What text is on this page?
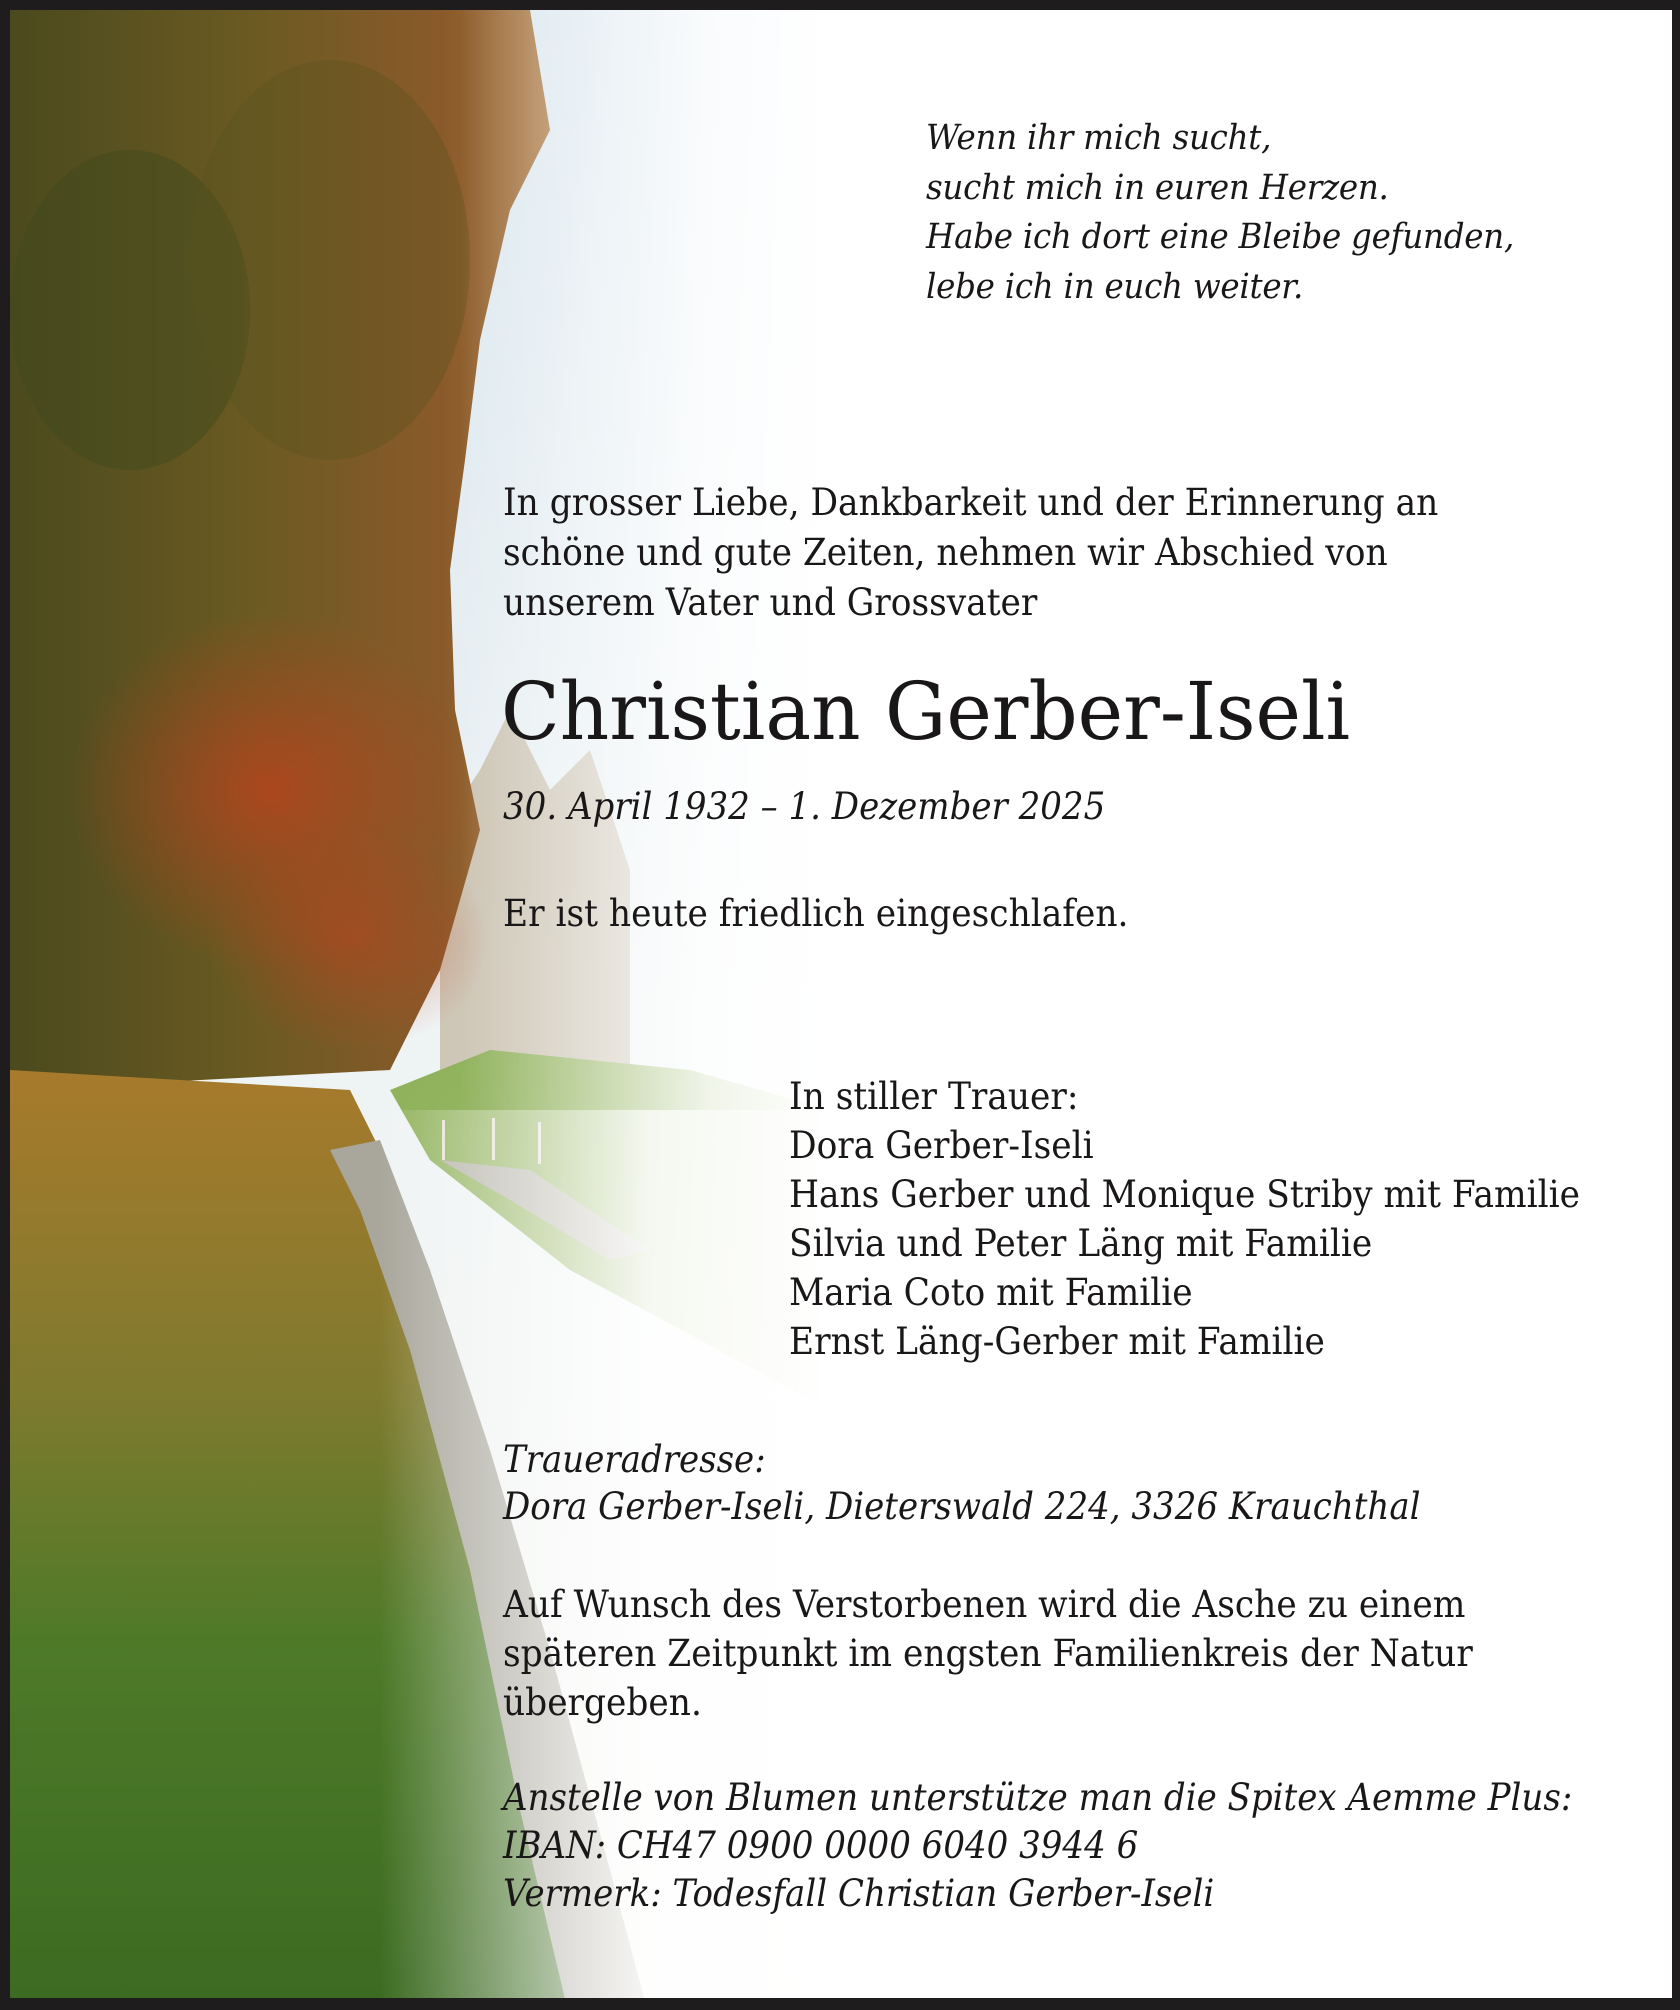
Wenn ihr mich sucht,
sucht mich in euren Herzen.
Habe ich dort eine Bleibe gefunden,
lebe ich in euch weiter.
In grosser Liebe, Dankbarkeit und der Erinnerung an
schöne und gute Zeiten, nehmen wir Abschied von
unserem Vater und Grossvater
Christian Gerber-Iseli
30. April 1932 – 1. Dezember 2025
Er ist heute friedlich eingeschlafen.
In stiller Trauer:
Dora Gerber-Iseli
Hans Gerber und Monique Striby mit Familie
Silvia und Peter Läng mit Familie
Maria Coto mit Familie
Ernst Läng-Gerber mit Familie
Traueradresse:
Dora Gerber-Iseli, Dieterswald 224, 3326 Krauchthal
Auf Wunsch des Verstorbenen wird die Asche zu einem
späteren Zeitpunkt im engsten Familienkreis der Natur
übergeben.
Anstelle von Blumen unterstütze man die Spitex Aemme Plus:
IBAN: CH47 0900 0000 6040 3944 6
Vermerk: Todesfall Christian Gerber-Iseli
